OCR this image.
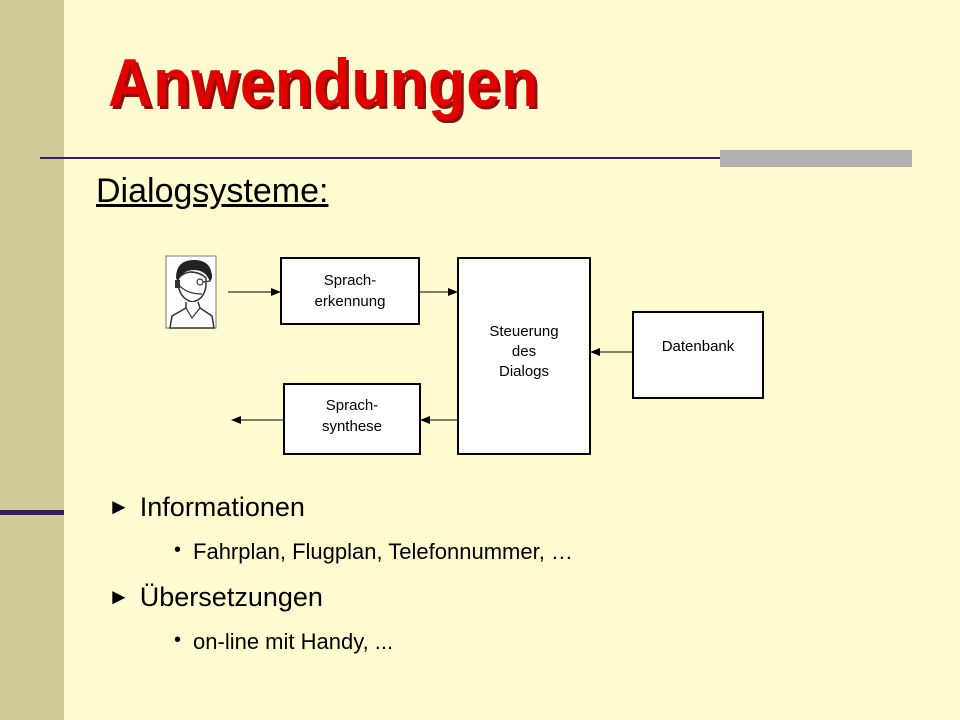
Anwendungen
Dialogsysteme:
Sprach-
erkennung
Steuerung
des
Dialogs
Datenbank
Sprach-
synthese
► Informationen
• Fahrplan, Flugplan, Telefonnummer, …
► Übersetzungen
• on-line mit Handy, ...
